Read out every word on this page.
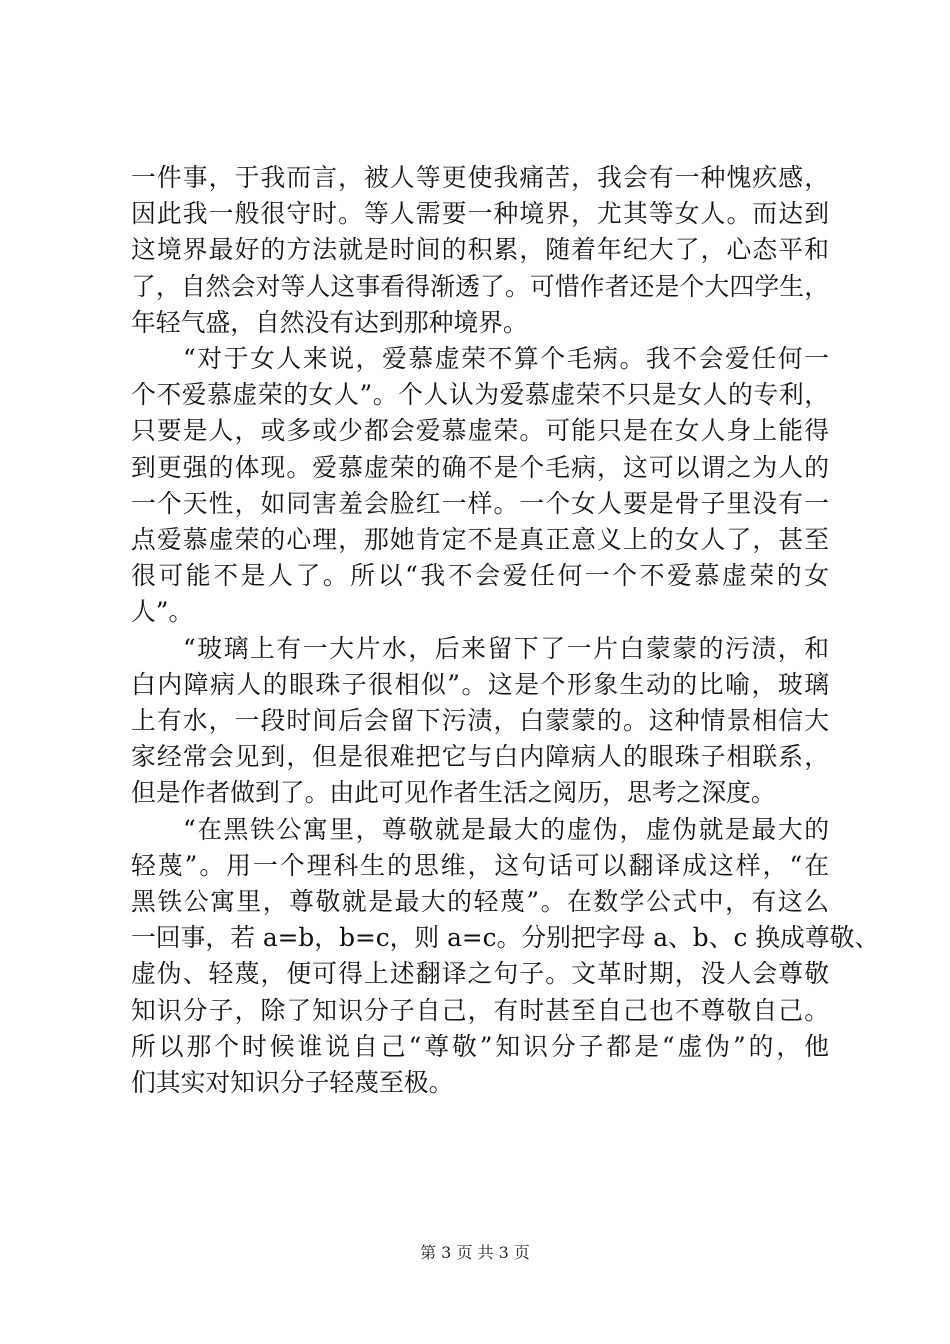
一件事，于我而言，被人等更使我痛苦，我会有一种愧疚感，
因此我一般很守时。等人需要一种境界，尤其等女人。而达到
这境界最好的方法就是时间的积累，随着年纪大了，心态平和
了，自然会对等人这事看得渐透了。可惜作者还是个大四学生，
年轻气盛，自然没有达到那种境界。
“对于女人来说，爱慕虚荣不算个毛病。我不会爱任何一
个不爱慕虚荣的女人”。个人认为爱慕虚荣不只是女人的专利，
只要是人，或多或少都会爱慕虚荣。可能只是在女人身上能得
到更强的体现。爱慕虚荣的确不是个毛病，这可以谓之为人的
一个天性，如同害羞会脸红一样。一个女人要是骨子里没有一
点爱慕虚荣的心理，那她肯定不是真正意义上的女人了，甚至
很可能不是人了。所以“我不会爱任何一个不爱慕虚荣的女
人”。
“玻璃上有一大片水，后来留下了一片白蒙蒙的污渍，和
白内障病人的眼珠子很相似”。这是个形象生动的比喻，玻璃
上有水，一段时间后会留下污渍，白蒙蒙的。这种情景相信大
家经常会见到，但是很难把它与白内障病人的眼珠子相联系，
但是作者做到了。由此可见作者生活之阅历，思考之深度。
“在黑铁公寓里，尊敬就是最大的虚伪，虚伪就是最大的
轻蔑”。用一个理科生的思维，这句话可以翻译成这样，“在
黑铁公寓里，尊敬就是最大的轻蔑”。在数学公式中，有这么
一回事，若 a=b，b=c，则 a=c。分别把字母 a、b、c 换成尊敬、
虚伪、轻蔑，便可得上述翻译之句子。文革时期，没人会尊敬
知识分子，除了知识分子自己，有时甚至自己也不尊敬自己。
所以那个时候谁说自己“尊敬”知识分子都是“虚伪”的，他
们其实对知识分子轻蔑至极。
第 3 页 共 3 页
